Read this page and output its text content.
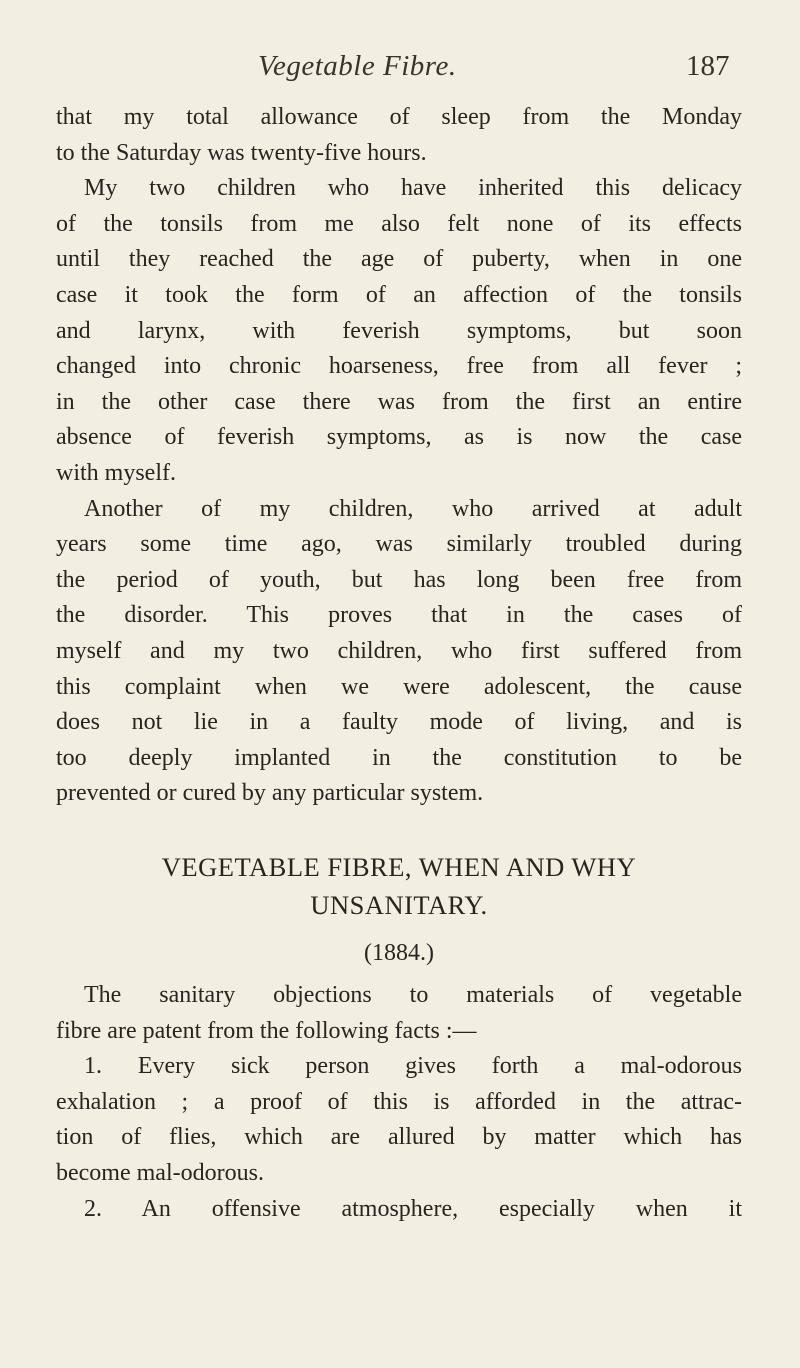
Vegetable Fibre.	187
that my total allowance of sleep from the Monday
to the Saturday was twenty-five hours.
My two children who have inherited this delicacy
of the tonsils from me also felt none of its effects
until they reached the age of puberty, when in one
case it took the form of an affection of the tonsils
and larynx, with feverish symptoms, but soon
changed into chronic hoarseness, free from all fever ;
in the other case there was from the first an entire
absence of feverish symptoms, as is now the case
with myself.
Another of my children, who arrived at adult
years some time ago, was similarly troubled during
the period of youth, but has long been free from
the disorder. This proves that in the cases of
myself and my two children, who first suffered from
this complaint when we were adolescent, the cause
does not lie in a faulty mode of living, and is
too deeply implanted in the constitution to be
prevented or cured by any particular system.
VEGETABLE FIBRE, WHEN AND WHY
UNSANITARY.
(1884.)
The sanitary objections to materials of vegetable
fibre are patent from the following facts :—
1. Every sick person gives forth a mal-odorous
exhalation ; a proof of this is afforded in the attrac-
tion of flies, which are allured by matter which has
become mal-odorous.
2. An offensive atmosphere, especially when it
